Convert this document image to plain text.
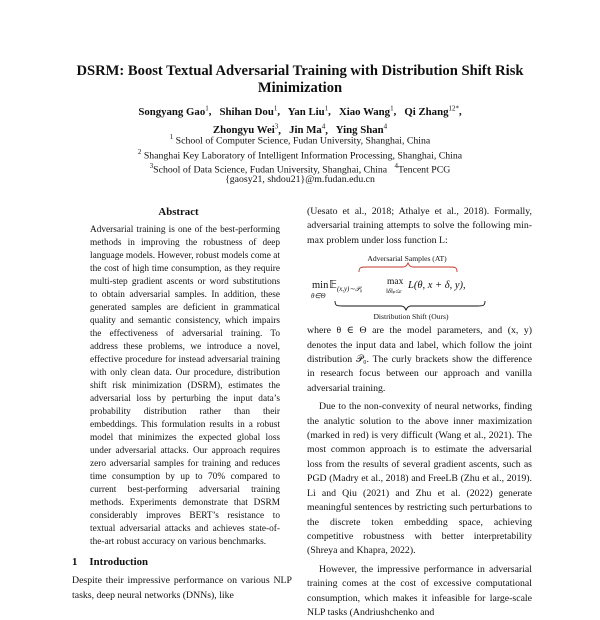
DSRM: Boost Textual Adversarial Training with Distribution Shift Risk Minimization
Songyang Gao$^1$,   Shihan Dou$^1$,   Yan Liu$^1$,   Xiao Wang$^1$,   Qi Zhang$^{12*}$,
Zhongyu Wei$^3$,   Jin Ma$^4$,   Ying Shan$^4$
$^1$ School of Computer Science, Fudan University, Shanghai, China
$^2$ Shanghai Key Laboratory of Intelligent Information Processing, Shanghai, China
$^3$School of Data Science, Fudan University, Shanghai, China $^4$Tencent PCG
{gaosy21, shdou21}@m.fudan.edu.cn
Abstract
Adversarial training is one of the best-performing methods in improving the robustness of deep language models. However, robust models come at the cost of high time consumption, as they require multi-step gradient ascents or word substitutions to obtain adversarial samples. In addition, these generated samples are deficient in grammatical quality and semantic consistency, which impairs the effectiveness of adversarial training. To address these problems, we introduce a novel, effective procedure for instead adversarial training with only clean data. Our procedure, distribution shift risk minimization (DSRM), estimates the adversarial loss by perturbing the input data’s probability distribution rather than their embeddings. This formulation results in a robust model that minimizes the expected global loss under adversarial attacks. Our approach requires zero adversarial samples for training and reduces time consumption by up to 70% compared to current best-performing adversarial training methods. Experiments demonstrate that DSRM considerably improves BERT’s resistance to textual adversarial attacks and achieves state-of-the-art robust accuracy on various benchmarks.
1 Introduction
Despite their impressive performance on various NLP tasks, deep neural networks (DNNs), like

(Uesato et al., 2018; Athalye et al., 2018). Formally, adversarial training attempts to solve the following min-max problem under loss function L:

Adversarial Samples (AT)
min
θ∈Θ
𝔼 (x,y)∼𝒫₀
max
‖δ‖ₚ≤ε
L(θ, x + δ, y),
Distribution Shift (Ours)

where θ ∈ Θ are the model parameters, and (x, y) denotes the input data and label, which follow the joint distribution 𝒫₀. The curly brackets show the difference in research focus between our approach and vanilla adversarial training.

Due to the non-convexity of neural networks, finding the analytic solution to the above inner maximization (marked in red) is very difficult (Wang et al., 2021). The most common approach is to estimate the adversarial loss from the results of several gradient ascents, such as PGD (Madry et al., 2018) and FreeLB (Zhu et al., 2019). Li and Qiu (2021) and Zhu et al. (2022) generate meaningful sentences by restricting such perturbations to the discrete token embedding space, achieving competitive robustness with better interpretability (Shreya and Khapra, 2022).

However, the impressive performance in adversarial training comes at the cost of excessive computational consumption, which makes it infeasible for large-scale NLP tasks (Andriushchenko and
